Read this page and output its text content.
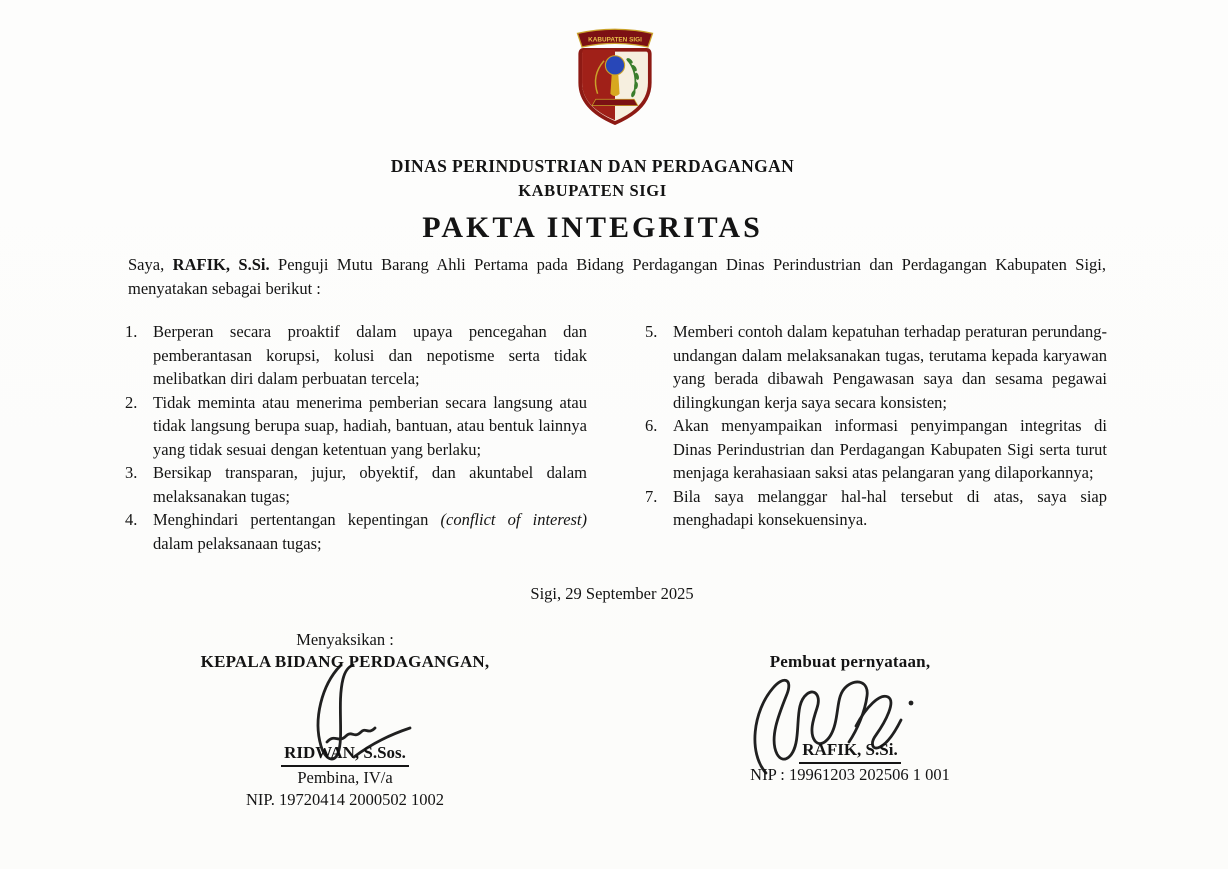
KABUPATEN SIGI
DINAS PERINDUSTRIAN DAN PERDAGANGAN
KABUPATEN SIGI
PAKTA INTEGRITAS

Saya, RAFIK, S.Si. Penguji Mutu Barang Ahli Pertama pada Bidang Perdagangan Dinas Perindustrian dan Perdagangan Kabupaten Sigi, menyatakan sebagai berikut :

1. Berperan secara proaktif dalam upaya pencegahan dan pemberantasan korupsi, kolusi dan nepotisme serta tidak melibatkan diri dalam perbuatan tercela;
2. Tidak meminta atau menerima pemberian secara langsung atau tidak langsung berupa suap, hadiah, bantuan, atau bentuk lainnya yang tidak sesuai dengan ketentuan yang berlaku;
3. Bersikap transparan, jujur, obyektif, dan akuntabel dalam melaksanakan tugas;
4. Menghindari pertentangan kepentingan (conflict of interest) dalam pelaksanaan tugas;
5. Memberi contoh dalam kepatuhan terhadap peraturan perundang-undangan dalam melaksanakan tugas, terutama kepada karyawan yang berada dibawah Pengawasan saya dan sesama pegawai dilingkungan kerja saya secara konsisten;
6. Akan menyampaikan informasi penyimpangan integritas di Dinas Perindustrian dan Perdagangan Kabupaten Sigi serta turut menjaga kerahasiaan saksi atas pelangaran yang dilaporkannya;
7. Bila saya melanggar hal-hal tersebut di atas, saya siap menghadapi konsekuensinya.
Sigi, 29 September 2025
Menyaksikan :
KEPALA BIDANG PERDAGANGAN,
RIDWAN, S.Sos.
Pembina, IV/a
NIP. 19720414 2000502 1002
Pembuat pernyataan,
RAFIK, S.Si.
NIP : 19961203 202506 1 001
